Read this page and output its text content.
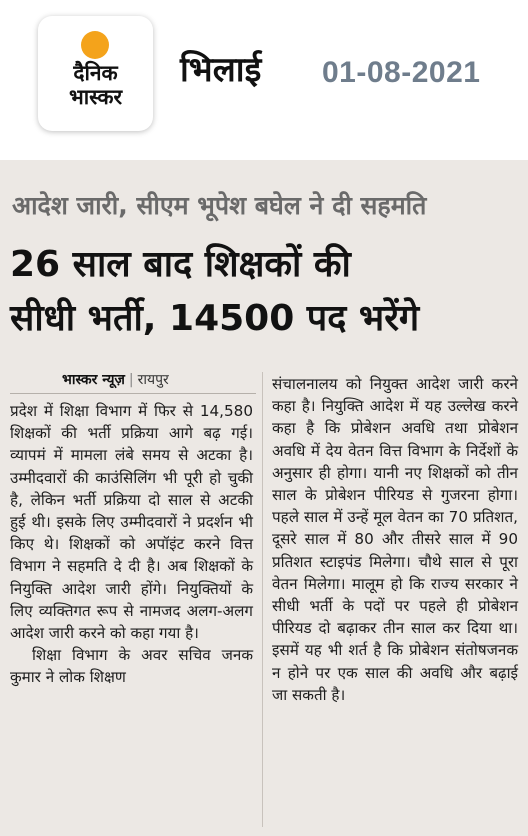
दैनिक
भास्कर
भिलाई 01-08-2021
आदेश जारी, सीएम भूपेश बघेल ने दी सहमति
26 साल बाद शिक्षकों की
सीधी भर्ती, 14500 पद भरेंगे
भास्कर न्यूज़ | रायपुर

प्रदेश में शिक्षा विभाग में फिर से 14,580 शिक्षकों की भर्ती प्रक्रिया आगे बढ़ गई। व्यापमं में मामला लंबे समय से अटका है। उम्मीदवारों की काउंसिलिंग भी पूरी हो चुकी है, लेकिन भर्ती प्रक्रिया दो साल से अटकी हुई थी। इसके लिए उम्मीदवारों ने प्रदर्शन भी किए थे। शिक्षकों को अपॉइंट करने वित्त विभाग ने सहमति दे दी है। अब शिक्षकों के नियुक्ति आदेश जारी होंगे। नियुक्तियों के लिए व्यक्तिगत रूप से नामजद अलग-अलग आदेश जारी करने को कहा गया है।

शिक्षा विभाग के अवर सचिव जनक कुमार ने लोक शिक्षण

संचालनालय को नियुक्त आदेश जारी करने कहा है। नियुक्ति आदेश में यह उल्लेख करने कहा है कि प्रोबेशन अवधि तथा प्रोबेशन अवधि में देय वेतन वित्त विभाग के निर्देशों के अनुसार ही होगा। यानी नए शिक्षकों को तीन साल के प्रोबेशन पीरियड से गुजरना होगा। पहले साल में उन्हें मूल वेतन का 70 प्रतिशत, दूसरे साल में 80 और तीसरे साल में 90 प्रतिशत स्टाइपंड मिलेगा। चौथे साल से पूरा वेतन मिलेगा। मालूम हो कि राज्य सरकार ने सीधी भर्ती के पदों पर पहले ही प्रोबेशन पीरियड दो बढ़ाकर तीन साल कर दिया था। इसमें यह भी शर्त है कि प्रोबेशन संतोषजनक न होने पर एक साल की अवधि और बढ़ाई जा सकती है।
